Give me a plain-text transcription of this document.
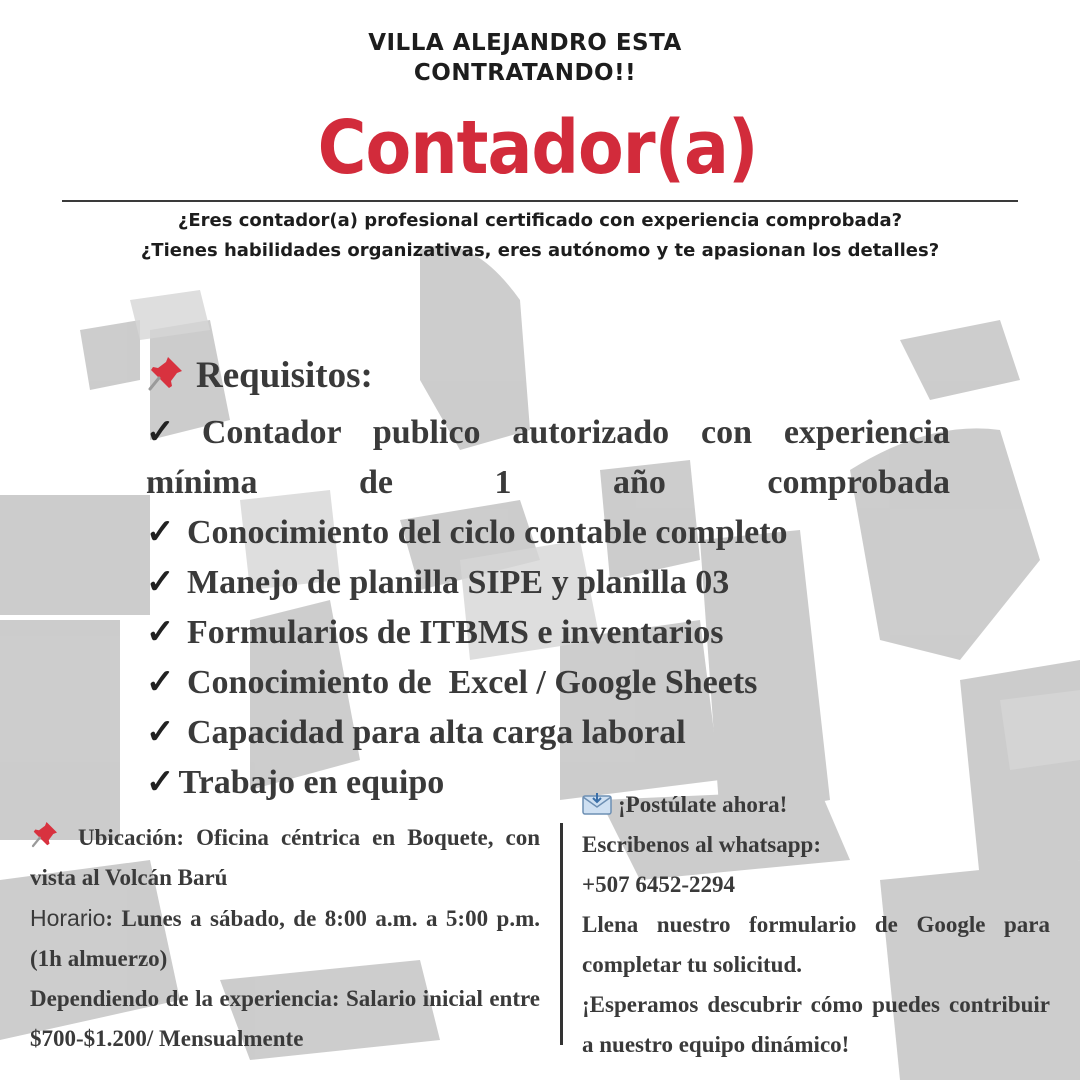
VILLA ALEJANDRO ESTA
CONTRATANDO!!
Contador(a)
¿Eres contador(a) profesional certificado con experiencia comprobada?
¿Tienes habilidades organizativas, eres autónomo y te apasionan los detalles?
Requisitos:
✓ Contador publico autorizado con experiencia mínima de 1 año comprobada
✓ Conocimiento del ciclo contable completo
✓ Manejo de planilla SIPE y planilla 03
✓ Formularios de ITBMS e inventarios
✓ Conocimiento de  Excel / Google Sheets
✓ Capacidad para alta carga laboral
✓ Trabajo en equipo

Ubicación: Oficina céntrica en Boquete, con vista al Volcán Barú

Horario: Lunes a sábado, de 8:00 a.m. a 5:00 p.m. (1h almuerzo)

Dependiendo de la experiencia: Salario inicial entre $700-$1.200/ Mensualmente

¡Postúlate ahora!

Escribenos al whatsapp:

+507 6452-2294

Llena nuestro formulario de Google para completar tu solicitud.

¡Esperamos descubrir cómo puedes contribuir a nuestro equipo dinámico!
